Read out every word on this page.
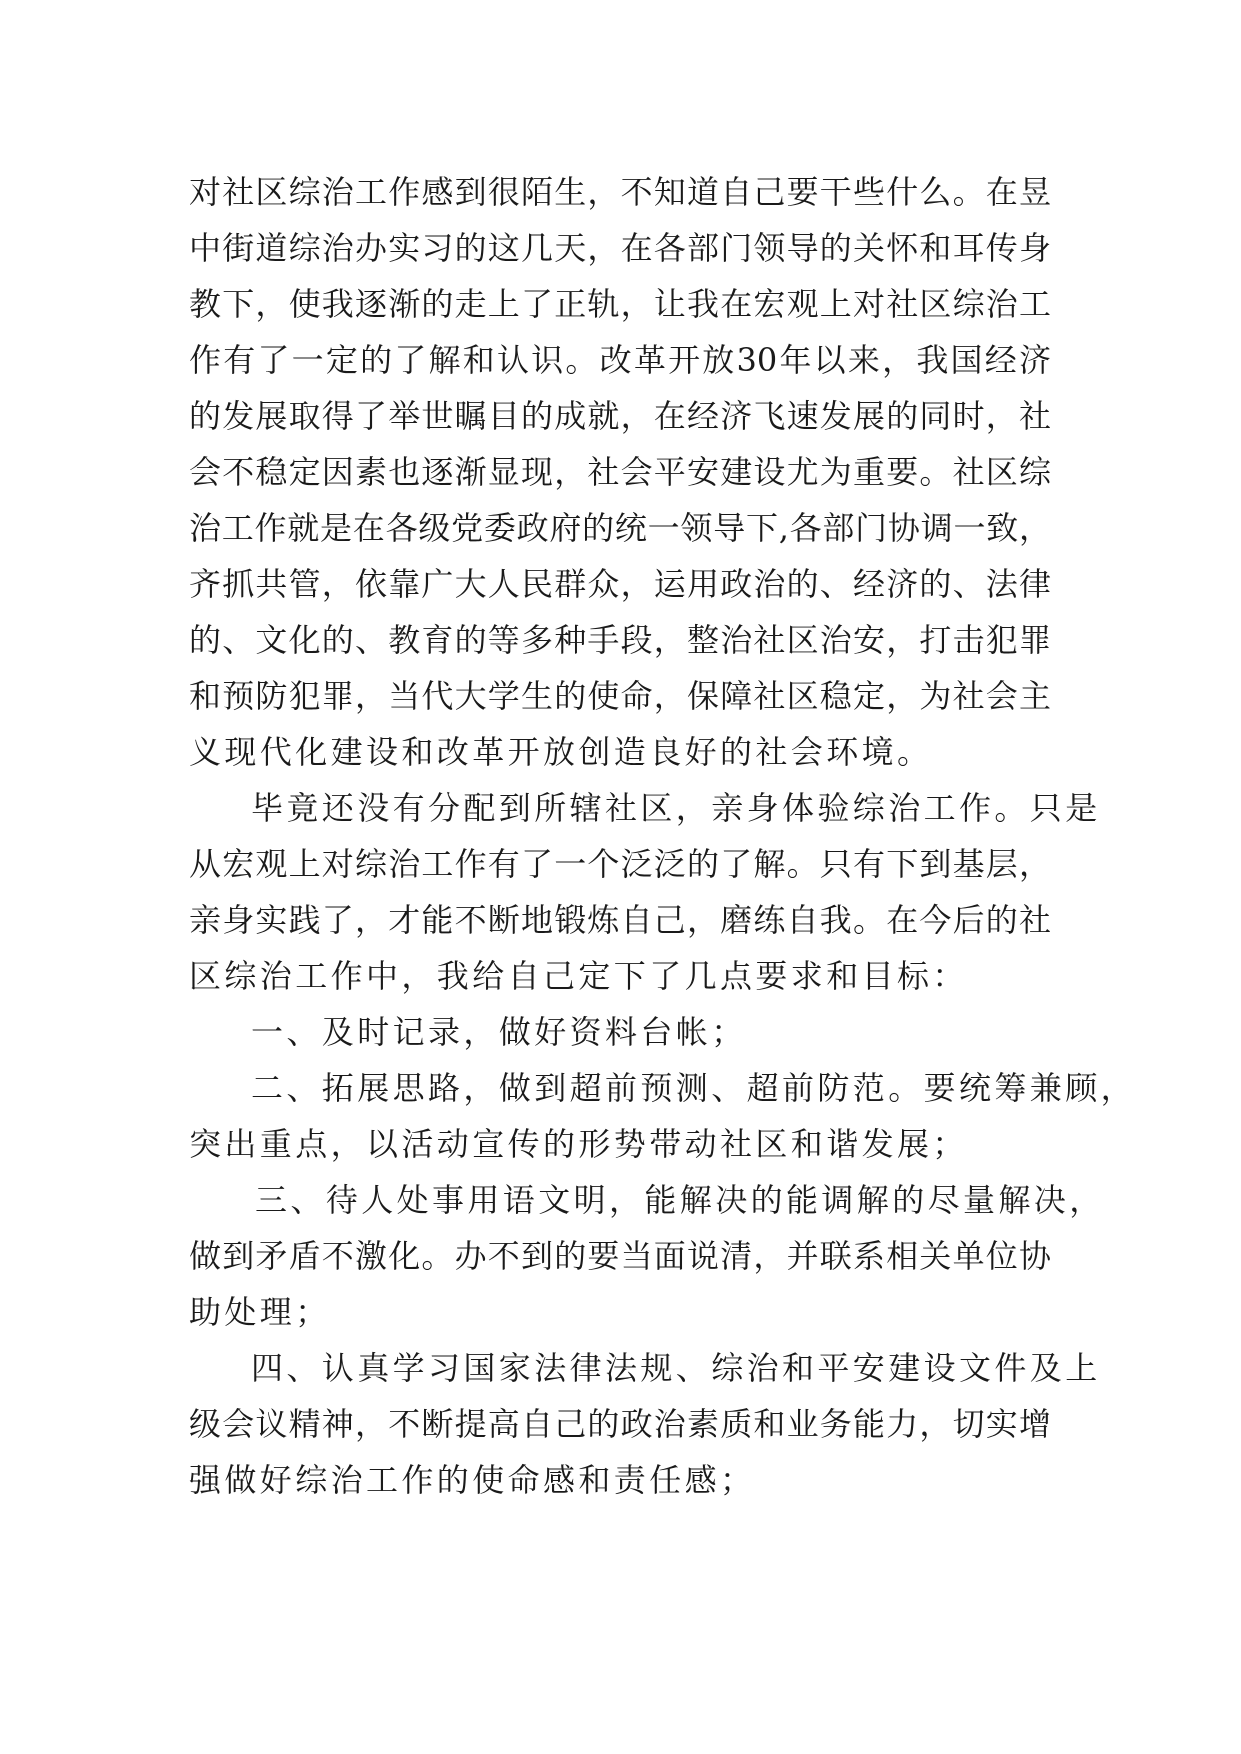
对社区综治工作感到很陌生，不知道自己要干些什么。在昱
中街道综治办实习的这几天，在各部门领导的关怀和耳传身
教下，使我逐渐的走上了正轨，让我在宏观上对社区综治工
作有了一定的了解和认识。改革开放30年以来，我国经济
的发展取得了举世瞩目的成就，在经济飞速发展的同时，社
会不稳定因素也逐渐显现，社会平安建设尤为重要。社区综
治工作就是在各级党委政府的统一领导下,各部门协调一致，
齐抓共管，依靠广大人民群众，运用政治的、经济的、法律
的、文化的、教育的等多种手段，整治社区治安，打击犯罪
和预防犯罪，当代大学生的使命，保障社区稳定，为社会主
义现代化建设和改革开放创造良好的社会环境。
毕竟还没有分配到所辖社区，亲身体验综治工作。只是
从宏观上对综治工作有了一个泛泛的了解。只有下到基层，
亲身实践了，才能不断地锻炼自己，磨练自我。在今后的社
区综治工作中，我给自己定下了几点要求和目标：
一、及时记录，做好资料台帐；
二、拓展思路，做到超前预测、超前防范。要统筹兼顾，
突出重点，以活动宣传的形势带动社区和谐发展；
三、待人处事用语文明，能解决的能调解的尽量解决，
做到矛盾不激化。办不到的要当面说清，并联系相关单位协
助处理；
四、认真学习国家法律法规、综治和平安建设文件及上
级会议精神，不断提高自己的政治素质和业务能力，切实增
强做好综治工作的使命感和责任感；
